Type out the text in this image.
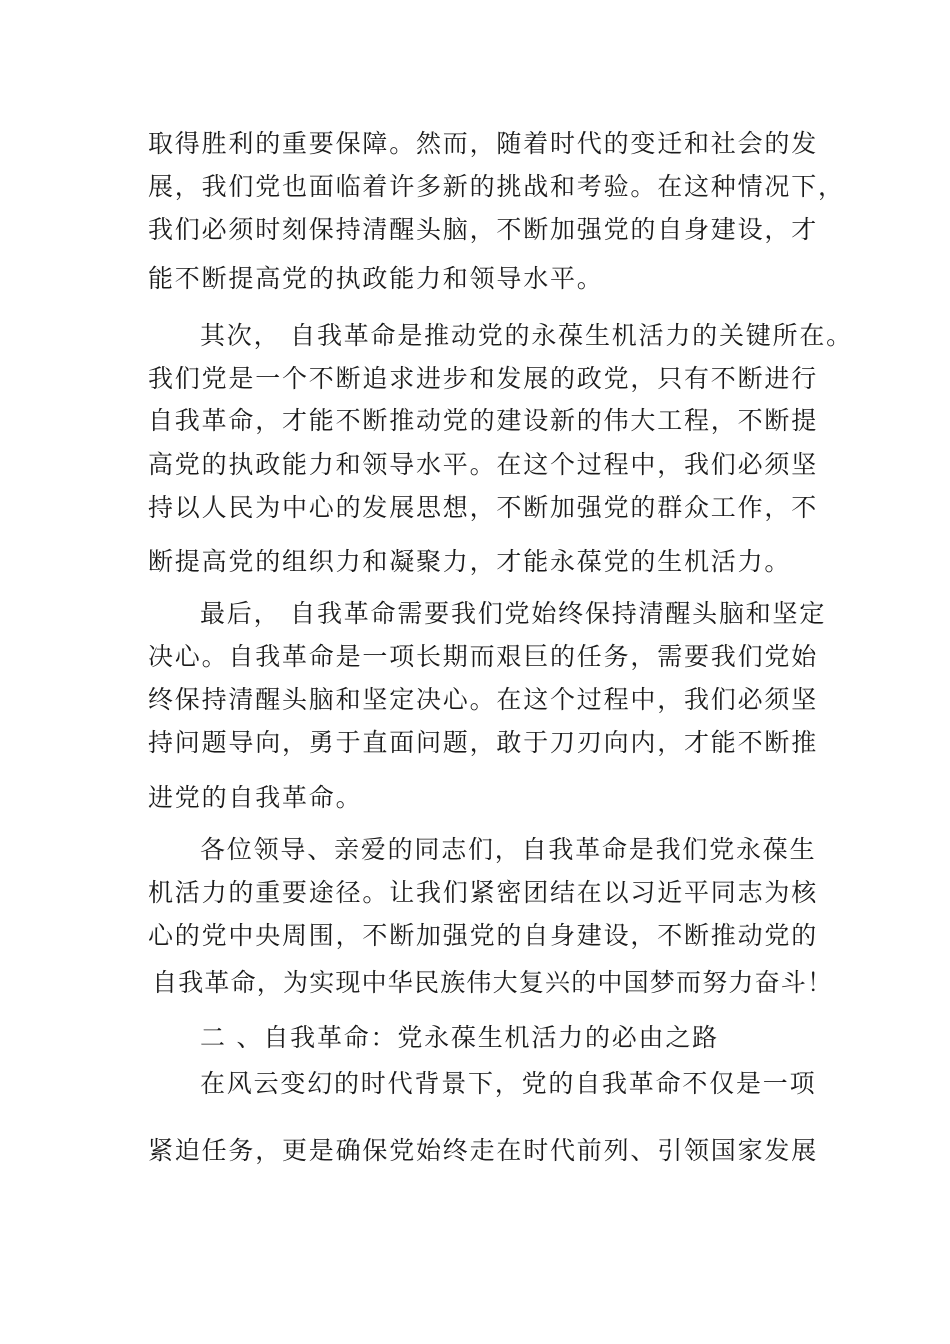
取得胜利的重要保障。然而，随着时代的变迁和社会的发
展，我们党也面临着许多新的挑战和考验。在这种情况下，
我们必须时刻保持清醒头脑，不断加强党的自身建设，才
能不断提高党的执政能力和领导水平。
其次， 自我革命是推动党的永葆生机活力的关键所在。
我们党是一个不断追求进步和发展的政党，只有不断进行
自我革命，才能不断推动党的建设新的伟大工程，不断提
高党的执政能力和领导水平。在这个过程中，我们必须坚
持以人民为中心的发展思想，不断加强党的群众工作，不
断提高党的组织力和凝聚力，才能永葆党的生机活力。
最后， 自我革命需要我们党始终保持清醒头脑和坚定
决心。自我革命是一项长期而艰巨的任务，需要我们党始
终保持清醒头脑和坚定决心。在这个过程中，我们必须坚
持问题导向，勇于直面问题，敢于刀刃向内，才能不断推
进党的自我革命。
各位领导、亲爱的同志们，自我革命是我们党永葆生
机活力的重要途径。让我们紧密团结在以习近平同志为核
心的党中央周围，不断加强党的自身建设，不断推动党的
自我革命，为实现中华民族伟大复兴的中国梦而努力奋斗！
二 、自我革命：党永葆生机活力的必由之路
在风云变幻的时代背景下，党的自我革命不仅是一项
紧迫任务，更是确保党始终走在时代前列、引领国家发展
